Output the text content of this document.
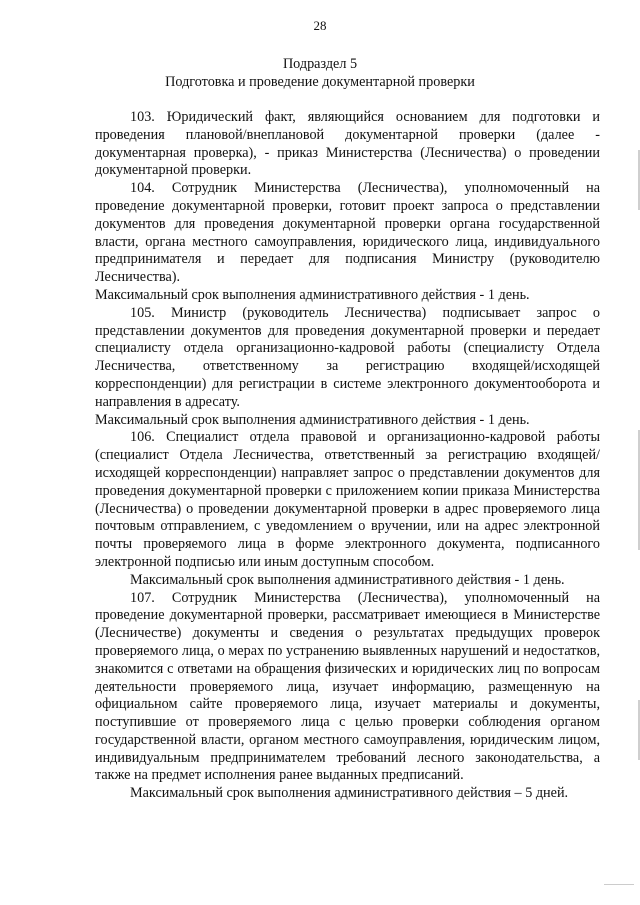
28
Подраздел 5
Подготовка и проведение документарной проверки

103. Юридический факт, являющийся основанием для подготовки и проведения плановой/внеплановой документарной проверки (далее - документарная проверка), - приказ Министерства (Лесничества) о проведении документарной проверки.

104. Сотрудник Министерства (Лесничества), уполномоченный на проведение документарной проверки, готовит проект запроса о представлении документов для проведения документарной проверки органа государственной власти, органа местного самоуправления, юридического лица, индивидуального предпринимателя и передает для подписания Министру (руководителю Лесничества).

Максимальный срок выполнения административного действия - 1 день.

105. Министр (руководитель Лесничества) подписывает запрос о представлении документов для проведения документарной проверки и передает специалисту отдела организационно-кадровой работы (специалисту Отдела Лесничества, ответственному за регистрацию входящей/исходящей корреспонденции) для регистрации в системе электронного документооборота и направления в адресату.

Максимальный срок выполнения административного действия - 1 день.

106. Специалист отдела правовой и организационно-кадровой работы (специалист Отдела Лесничества, ответственный за регистрацию входящей/исходящей корреспонденции) направляет запрос о представлении документов для проведения документарной проверки с приложением копии приказа Министерства (Лесничества) о проведении документарной проверки в адрес проверяемого лица почтовым отправлением, с уведомлением о вручении, или на адрес электронной почты проверяемого лица в форме электронного документа, подписанного электронной подписью или иным доступным способом.

Максимальный срок выполнения административного действия - 1 день.

107. Сотрудник Министерства (Лесничества), уполномоченный на проведение документарной проверки, рассматривает имеющиеся в Министерстве (Лесничестве) документы и сведения о результатах предыдущих проверок проверяемого лица, о мерах по устранению выявленных нарушений и недостатков, знакомится с ответами на обращения физических и юридических лиц по вопросам деятельности проверяемого лица, изучает информацию, размещенную на официальном сайте проверяемого лица, изучает материалы и документы, поступившие от проверяемого лица с целью проверки соблюдения органом государственной власти, органом местного самоуправления, юридическим лицом, индивидуальным предпринимателем требований лесного законодательства, а также на предмет исполнения ранее выданных предписаний.

Максимальный срок выполнения административного действия – 5 дней.
